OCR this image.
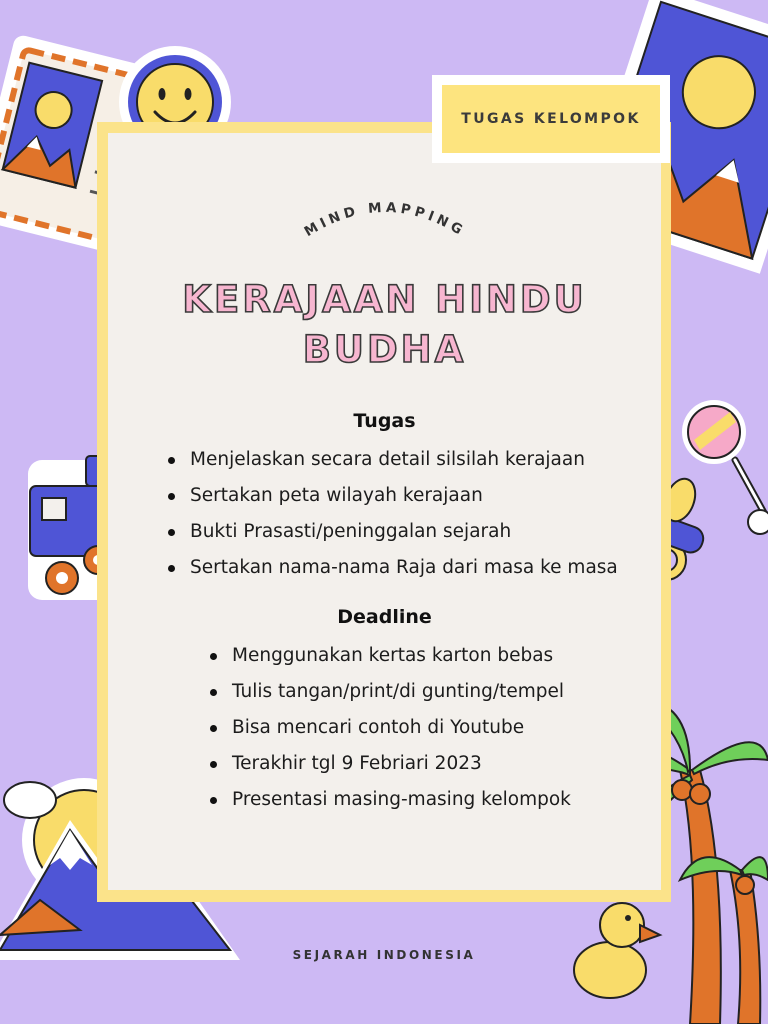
TUGAS KELOMPOK
MIND MAPPING
KERAJAAN HINDU
BUDHA
Tugas
Menjelaskan secara detail silsilah kerajaan
Sertakan peta wilayah kerajaan
Bukti Prasasti/peninggalan sejarah
Sertakan nama-nama Raja dari masa ke masa
Deadline
Menggunakan kertas karton bebas
Tulis tangan/print/di gunting/tempel
Bisa mencari contoh di Youtube
Terakhir tgl 9 Febriari 2023
Presentasi masing-masing kelompok
SEJARAH INDONESIA
